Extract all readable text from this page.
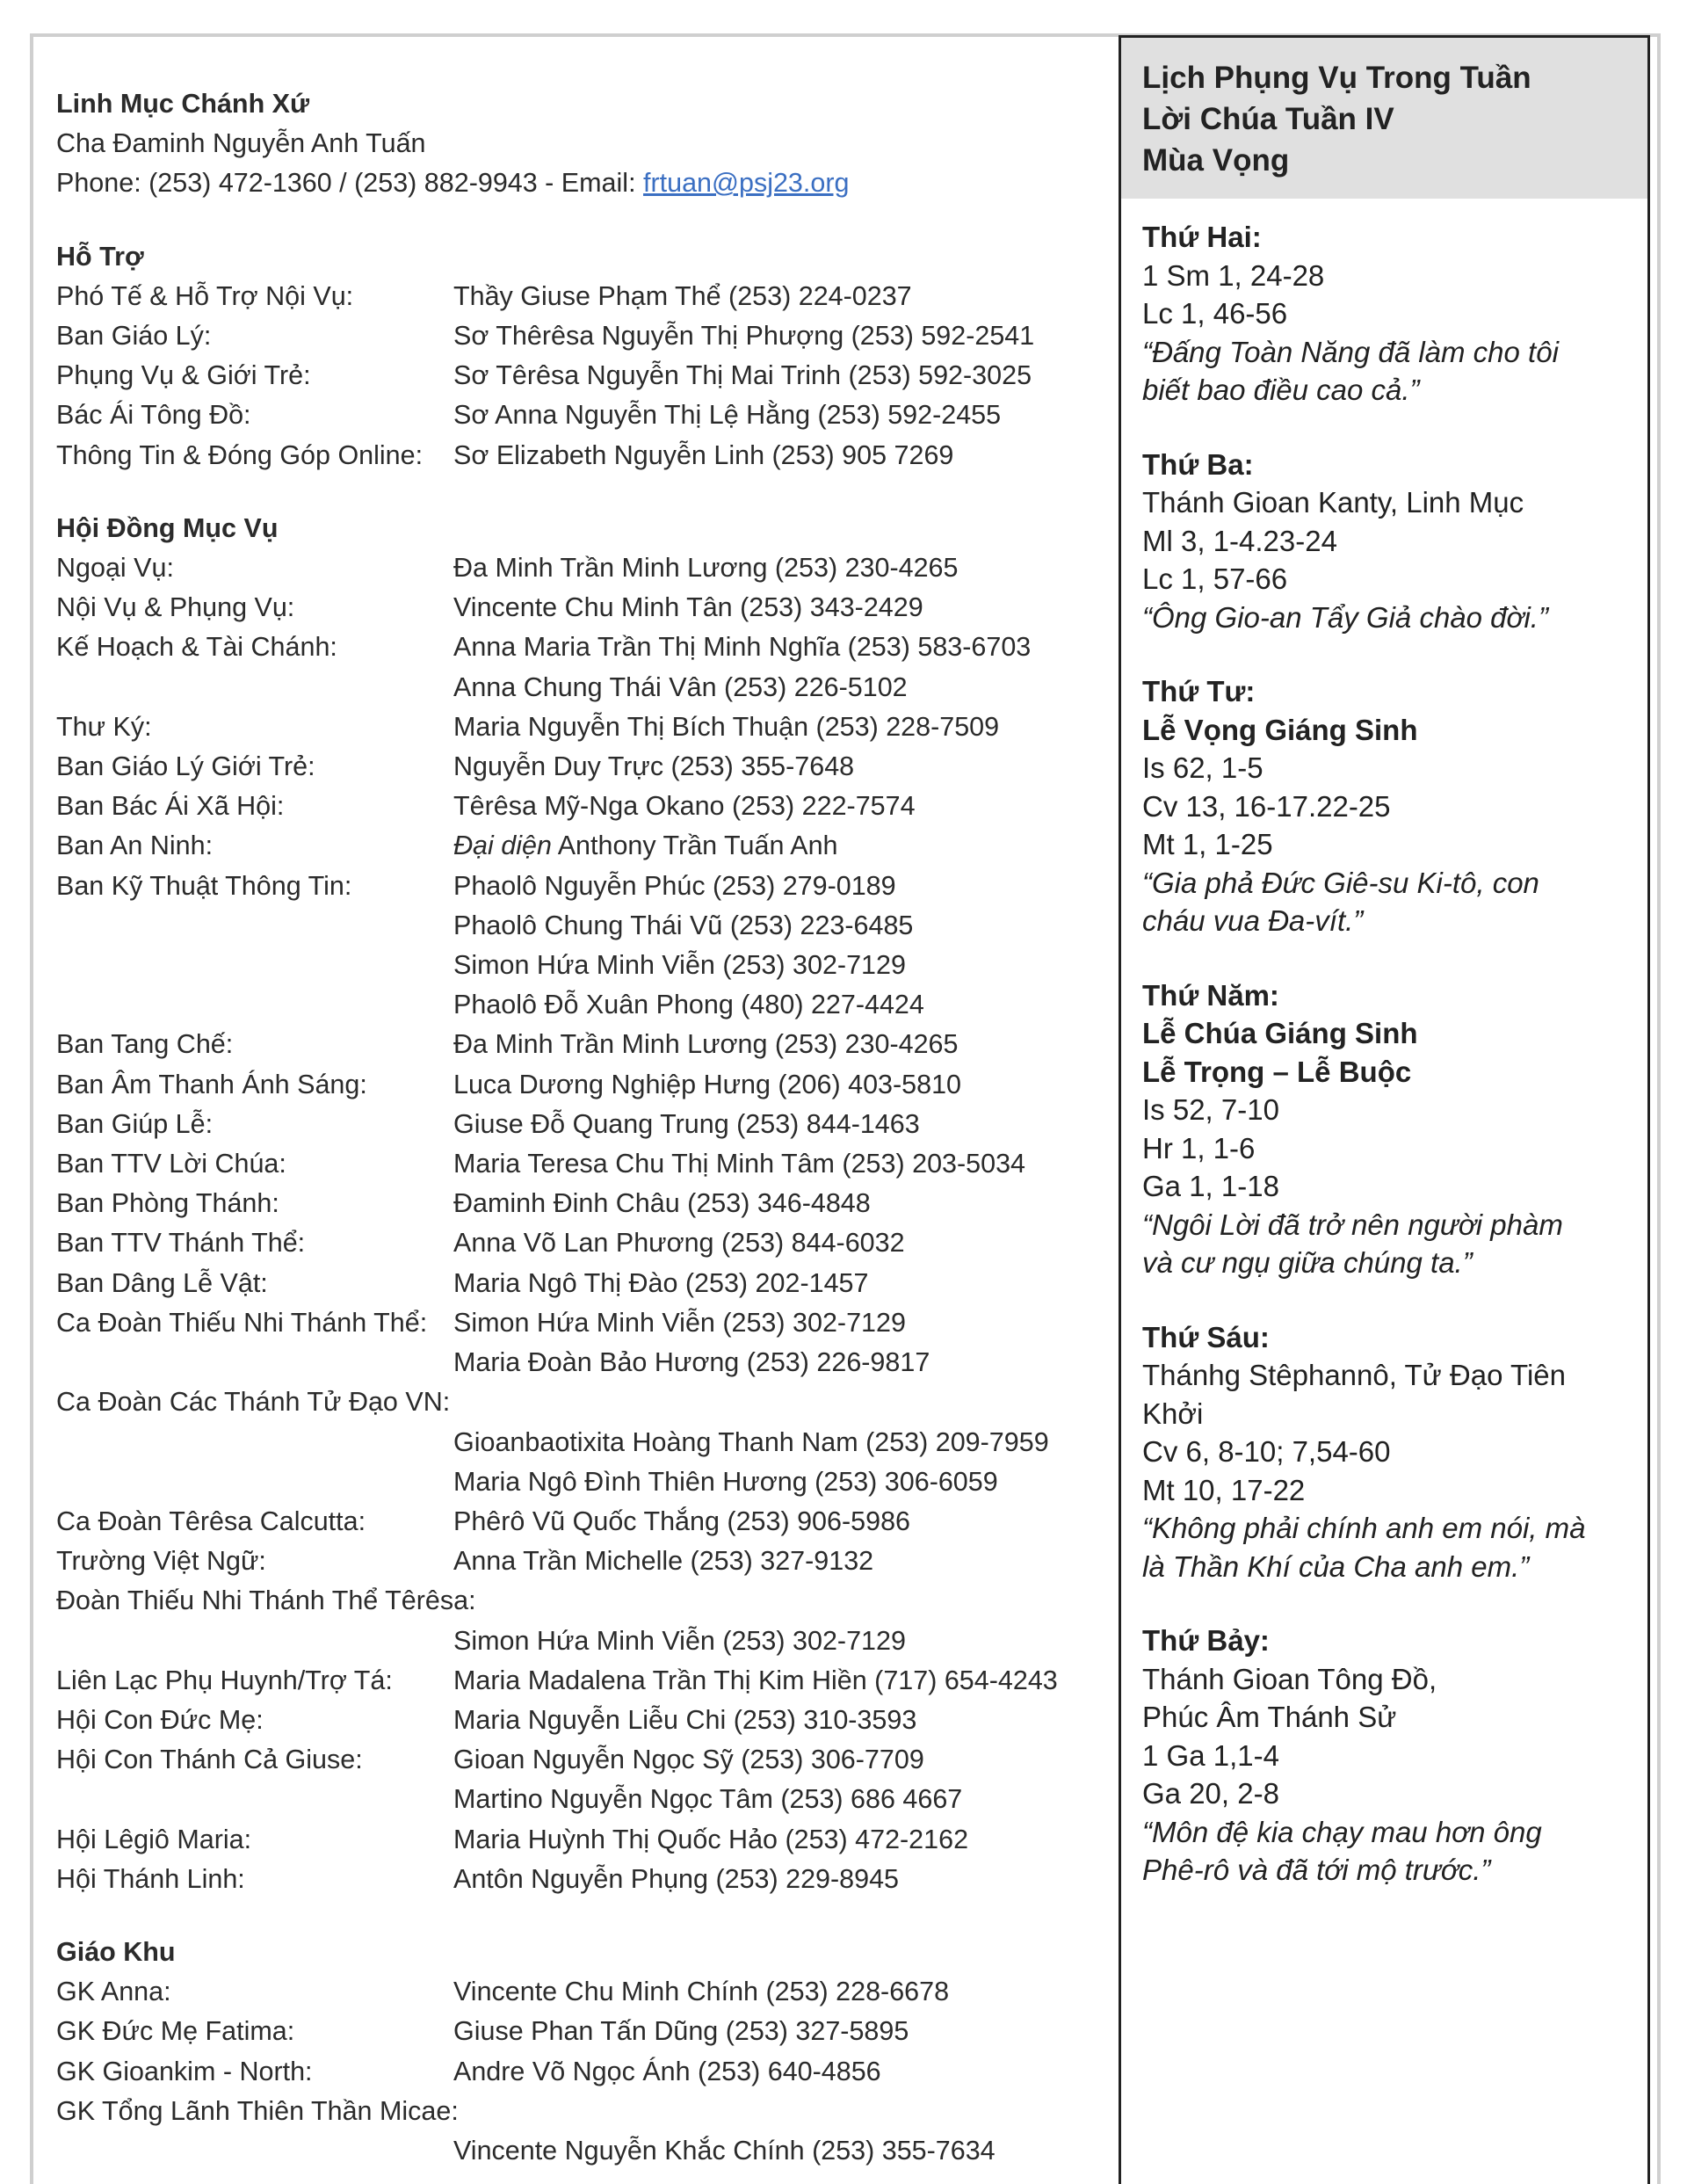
Linh Mục Chánh Xứ
Cha Đaminh Nguyễn Anh Tuấn
Phone: (253) 472-1360 / (253) 882-9943 - Email: frtuan@psj23.org
Hỗ Trợ
Phó Tế & Hỗ Trợ Nội Vụ:	Thầy Giuse Phạm Thể (253) 224-0237
Ban Giáo Lý:	Sơ Thêrêsa Nguyễn Thị Phượng (253) 592-2541
Phụng Vụ & Giới Trẻ:	Sơ Têrêsa Nguyễn Thị Mai Trinh (253) 592-3025
Bác Ái Tông Đồ:	Sơ Anna Nguyễn Thị Lệ Hằng (253) 592-2455
Thông Tin & Đóng Góp Online:	Sơ Elizabeth Nguyễn Linh (253) 905 7269
Hội Đồng Mục Vụ
Ngoại Vụ:	Đa Minh Trần Minh Lương (253) 230-4265
Nội Vụ & Phụng Vụ:	Vincente Chu Minh Tân (253) 343-2429
Kế Hoạch & Tài Chánh:	Anna Maria Trần Thị Minh Nghĩa (253) 583-6703
Anna Chung Thái Vân (253) 226-5102
Thư Ký:	Maria Nguyễn Thị Bích Thuận (253) 228-7509
Ban Giáo Lý Giới Trẻ:	Nguyễn Duy Trực (253) 355-7648
Ban Bác Ái Xã Hội:	Têrêsa Mỹ-Nga Okano (253) 222-7574
Ban An Ninh:	Đại diện Anthony Trần Tuấn Anh
Ban Kỹ Thuật Thông Tin:	Phaolô Nguyễn Phúc (253) 279-0189
Phaolô Chung Thái Vũ (253) 223-6485
Simon Hứa Minh Viễn (253) 302-7129
Phaolô Đỗ Xuân Phong (480) 227-4424
Ban Tang Chế:	Đa Minh Trần Minh Lương (253) 230-4265
Ban Âm Thanh Ánh Sáng:	Luca Dương Nghiệp Hưng (206) 403-5810
Ban Giúp Lễ:	Giuse Đỗ Quang Trung (253) 844-1463
Ban TTV Lời Chúa:	Maria Teresa Chu Thị Minh Tâm (253) 203-5034
Ban Phòng Thánh:	Đaminh Đinh Châu (253) 346-4848
Ban TTV Thánh Thể:	Anna Võ Lan Phương (253) 844-6032
Ban Dâng Lễ Vật:	Maria Ngô Thị Đào (253) 202-1457
Ca Đoàn Thiếu Nhi Thánh Thể: Simon Hứa Minh Viễn (253) 302-7129
Maria Đoàn Bảo Hương (253) 226-9817
Ca Đoàn Các Thánh Tử Đạo VN:
Gioanbaotixita Hoàng Thanh Nam (253) 209-7959
Maria Ngô Đình Thiên Hương (253) 306-6059
Ca Đoàn Têrêsa Calcutta:	Phêrô Vũ Quốc Thắng (253) 906-5986
Trường Việt Ngữ:	Anna Trần Michelle (253) 327-9132
Đoàn Thiếu Nhi Thánh Thể Têrêsa:
Simon Hứa Minh Viễn (253) 302-7129
Liên Lạc Phụ Huynh/Trợ Tá:	Maria Madalena Trần Thị Kim Hiền (717) 654-4243
Hội Con Đức Mẹ:	Maria Nguyễn Liễu Chi (253) 310-3593
Hội Con Thánh Cả Giuse:	Gioan Nguyễn Ngọc Sỹ (253) 306-7709
Martino Nguyễn Ngọc Tâm (253) 686 4667
Hội Lêgiô Maria:	Maria Huỳnh Thị Quốc Hảo (253) 472-2162
Hội Thánh Linh:	Antôn Nguyễn Phụng (253) 229-8945
Giáo Khu
GK Anna:	Vincente Chu Minh Chính (253) 228-6678
GK Đức Mẹ Fatima:	Giuse Phan Tấn Dũng (253) 327-5895
GK Gioankim - North:	Andre Võ Ngọc Ánh (253) 640-4856
GK Tổng Lãnh Thiên Thần Micae:
Vincente Nguyễn Khắc Chính (253) 355-7634
Lịch Phụng Vụ Trong Tuần
Lời Chúa Tuần IV
Mùa Vọng
Thứ Hai:
1 Sm 1, 24-28
Lc 1, 46-56
“Đấng Toàn Năng đã làm cho tôi
biết bao điều cao cả.”
Thứ Ba:
Thánh Gioan Kanty, Linh Mục
Ml 3, 1-4.23-24
Lc 1, 57-66
“Ông Gio-an Tẩy Giả chào đời.”
Thứ Tư:
Lễ Vọng Giáng Sinh
Is 62, 1-5
Cv 13, 16-17.22-25
Mt 1, 1-25
“Gia phả Đức Giê-su Ki-tô, con
cháu vua Đa-vít.”
Thứ Năm:
Lễ Chúa Giáng Sinh
Lễ Trọng – Lễ Buộc
Is 52, 7-10
Hr 1, 1-6
Ga 1, 1-18
“Ngôi Lời đã trở nên người phàm
và cư ngụ giữa chúng ta.”
Thứ Sáu:
Thánhg Stêphannô, Tử Đạo Tiên
Khởi
Cv 6, 8-10; 7,54-60
Mt 10, 17-22
“Không phải chính anh em nói, mà
là Thần Khí của Cha anh em.”
Thứ Bảy:
Thánh Gioan Tông Đồ,
Phúc Âm Thánh Sử
1 Ga 1,1-4
Ga 20, 2-8
“Môn đệ kia chạy mau hơn ông
Phê-rô và đã tới mộ trước.”
